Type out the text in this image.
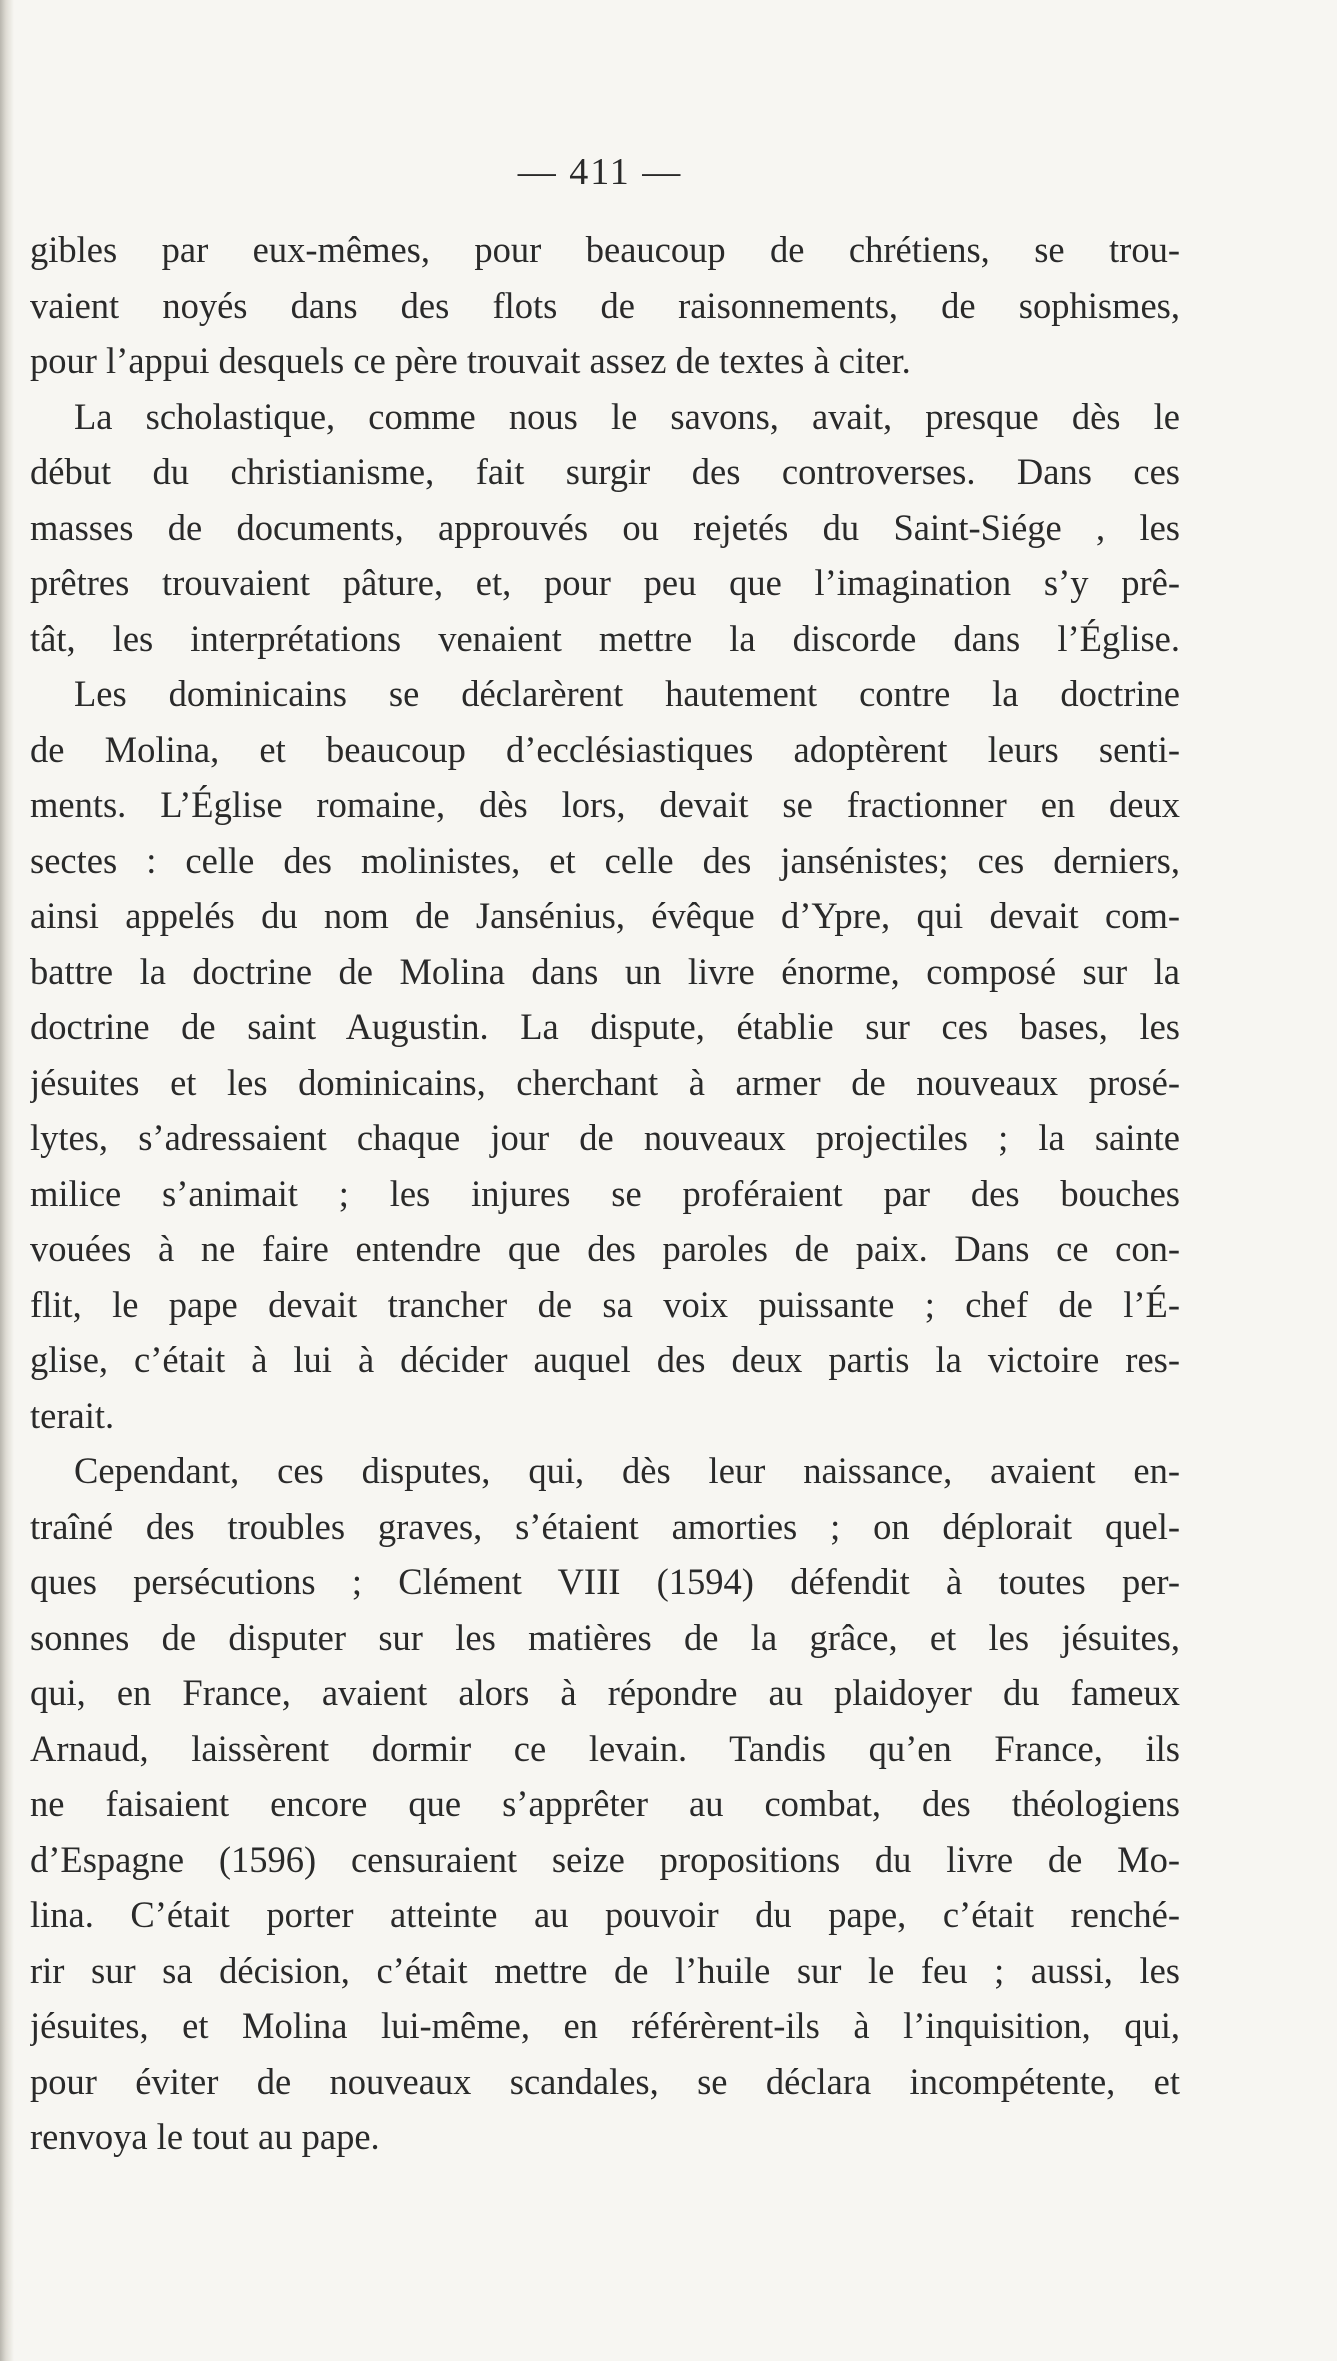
— 411 —
gibles par eux-mêmes, pour beaucoup de chrétiens, se trou-
vaient noyés dans des flots de raisonnements, de sophismes,
pour l’appui desquels ce père trouvait assez de textes à citer.
La scholastique, comme nous le savons, avait, presque dès le
début du christianisme, fait surgir des controverses. Dans ces
masses de documents, approuvés ou rejetés du Saint-Siége , les
prêtres trouvaient pâture, et, pour peu que l’imagination s’y prê-
tât, les interprétations venaient mettre la discorde dans l’Église.
Les dominicains se déclarèrent hautement contre la doctrine
de Molina, et beaucoup d’ecclésiastiques adoptèrent leurs senti-
ments. L’Église romaine, dès lors, devait se fractionner en deux
sectes : celle des molinistes, et celle des jansénistes; ces derniers,
ainsi appelés du nom de Jansénius, évêque d’Ypre, qui devait com-
battre la doctrine de Molina dans un livre énorme, composé sur la
doctrine de saint Augustin. La dispute, établie sur ces bases, les
jésuites et les dominicains, cherchant à armer de nouveaux prosé-
lytes, s’adressaient chaque jour de nouveaux projectiles ; la sainte
milice s’animait ; les injures se proféraient par des bouches
vouées à ne faire entendre que des paroles de paix. Dans ce con-
flit, le pape devait trancher de sa voix puissante ; chef de l’É-
glise, c’était à lui à décider auquel des deux partis la victoire res-
terait.
Cependant, ces disputes, qui, dès leur naissance, avaient en-
traîné des troubles graves, s’étaient amorties ; on déplorait quel-
ques persécutions ; Clément VIII (1594) défendit à toutes per-
sonnes de disputer sur les matières de la grâce, et les jésuites,
qui, en France, avaient alors à répondre au plaidoyer du fameux
Arnaud, laissèrent dormir ce levain. Tandis qu’en France, ils
ne faisaient encore que s’apprêter au combat, des théologiens
d’Espagne (1596) censuraient seize propositions du livre de Mo-
lina. C’était porter atteinte au pouvoir du pape, c’était renché-
rir sur sa décision, c’était mettre de l’huile sur le feu ; aussi, les
jésuites, et Molina lui-même, en référèrent-ils à l’inquisition, qui,
pour éviter de nouveaux scandales, se déclara incompétente, et
renvoya le tout au pape.
